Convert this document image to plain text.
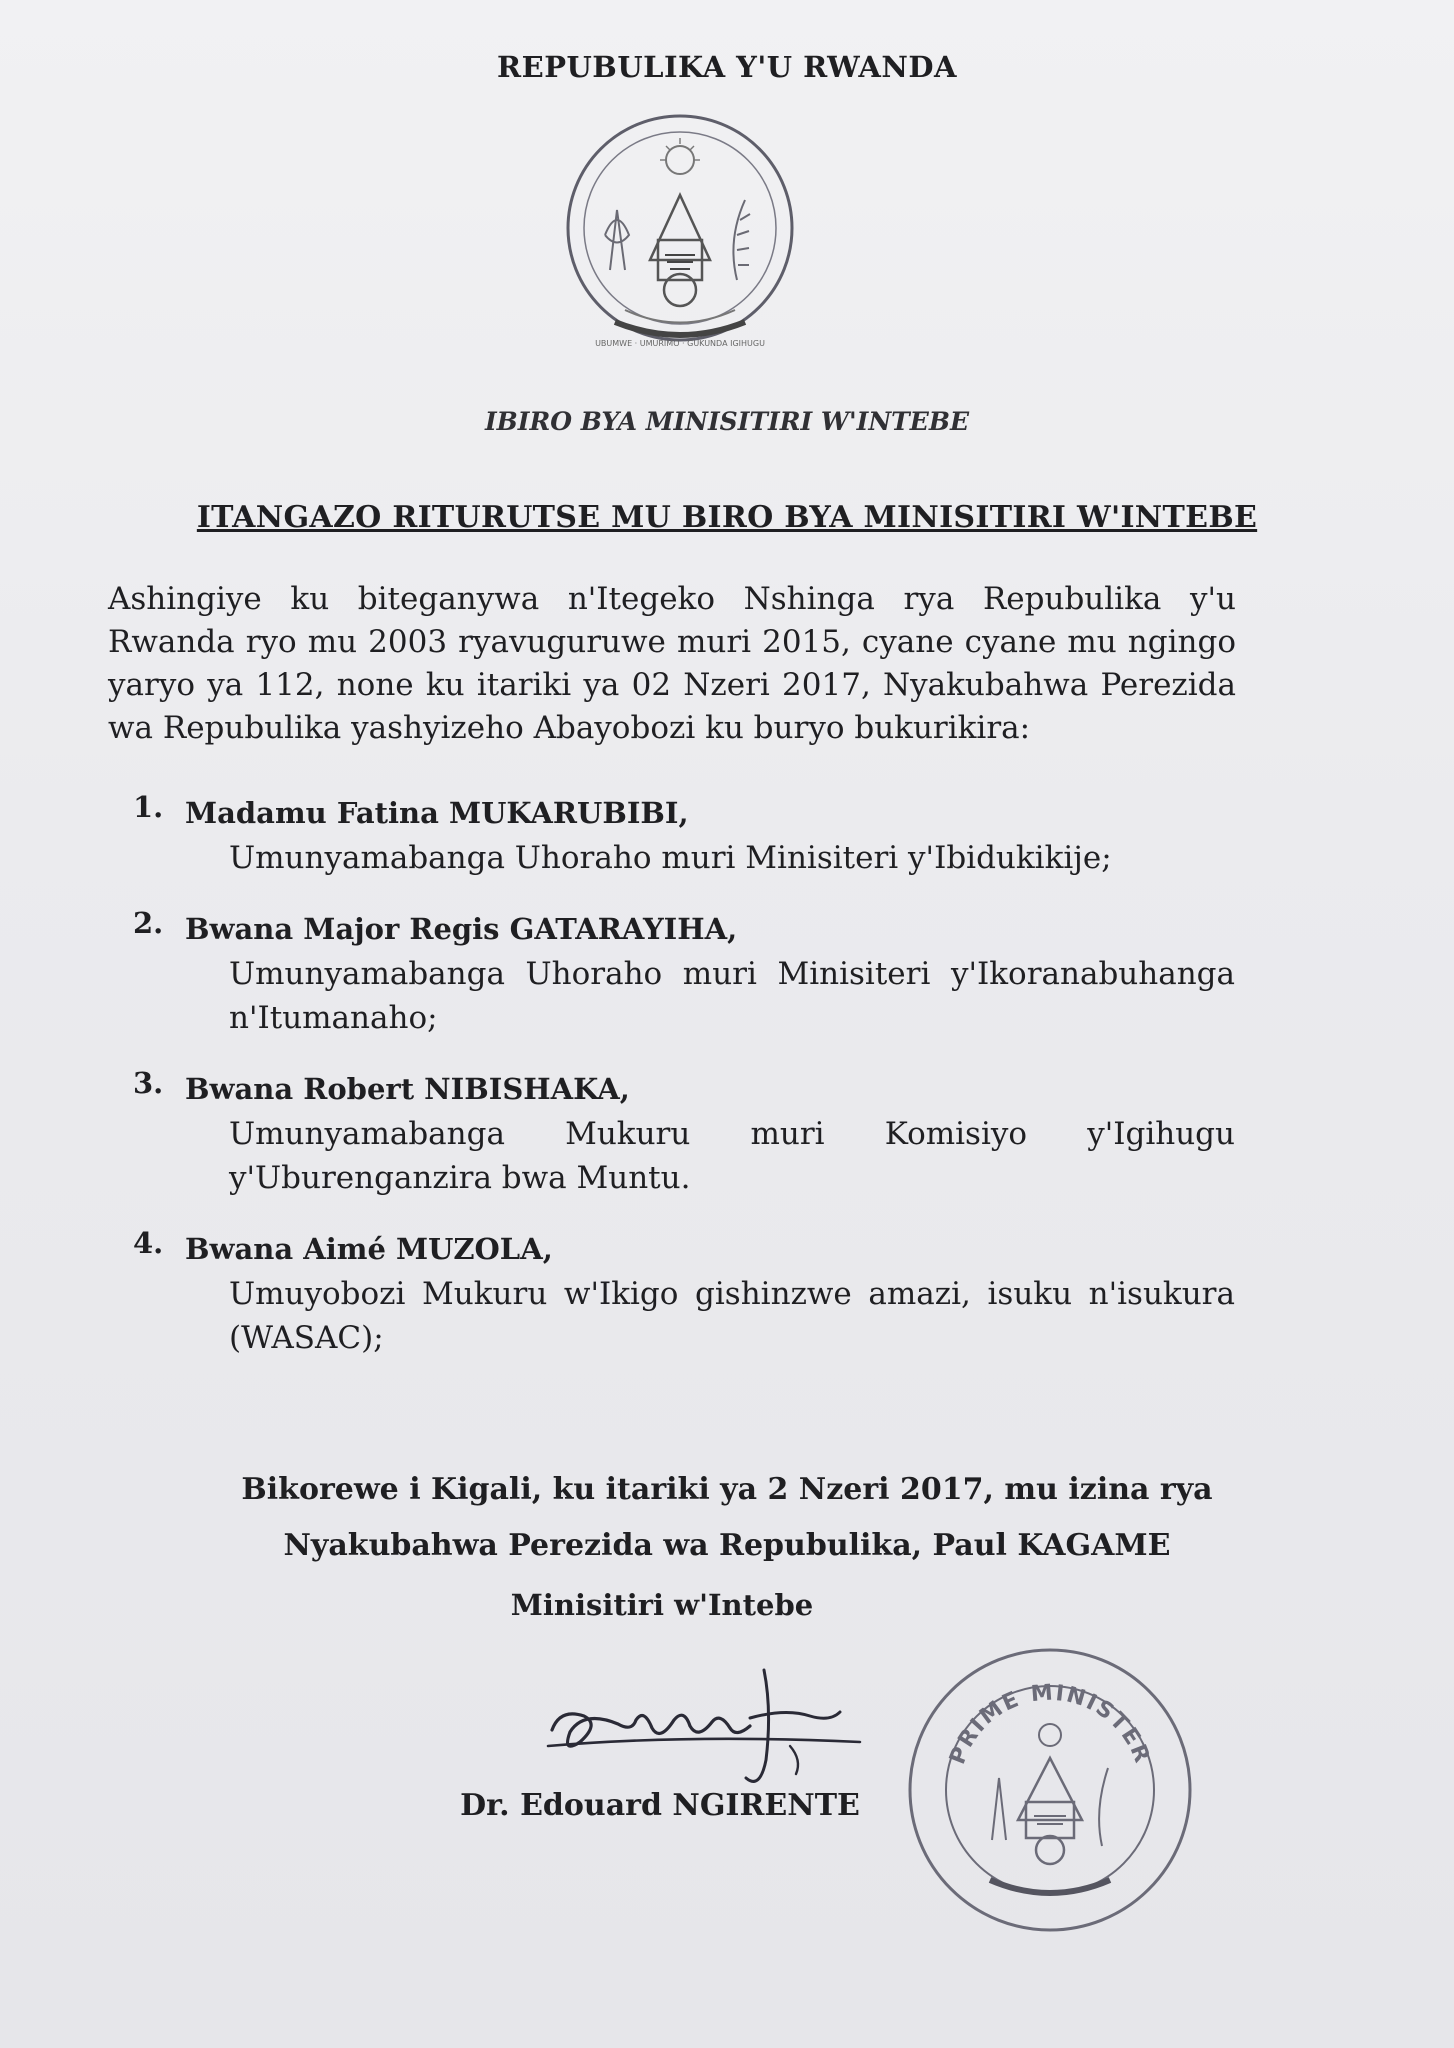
REPUBULIKA Y'U RWANDA
UBUMWE · UMURIMO · GUKUNDA IGIHUGU
IBIRO BYA MINISITIRI W'INTEBE
ITANGAZO RITURUTSE MU BIRO BYA MINISITIRI W'INTEBE
Ashingiye ku biteganywa n'Itegeko Nshinga rya Repubulika y'u Rwanda ryo mu 2003 ryavuguruwe muri 2015, cyane cyane mu ngingo yaryo ya 112, none ku itariki ya 02 Nzeri 2017, Nyakubahwa Perezida wa Repubulika yashyizeho Abayobozi ku buryo bukurikira:
1. Madamu Fatina MUKARUBIBI,
Umunyamabanga Uhoraho muri Minisiteri y'Ibidukikije;
2. Bwana Major Regis GATARAYIHA,
Umunyamabanga Uhoraho muri Minisiteri y'Ikoranabuhanga n'Itumanaho;
3. Bwana Robert NIBISHAKA,
Umunyamabanga Mukuru muri Komisiyo y'Igihugu y'Uburenganzira bwa Muntu.
4. Bwana Aimé MUZOLA,
Umuyobozi Mukuru w'Ikigo gishinzwe amazi, isuku n'isukura (WASAC);
Bikorewe i Kigali, ku itariki ya 2 Nzeri 2017, mu izina rya
Nyakubahwa Perezida wa Repubulika, Paul KAGAME
Minisitiri w'Intebe
Dr. Edouard NGIRENTE
PRIME MINISTER
